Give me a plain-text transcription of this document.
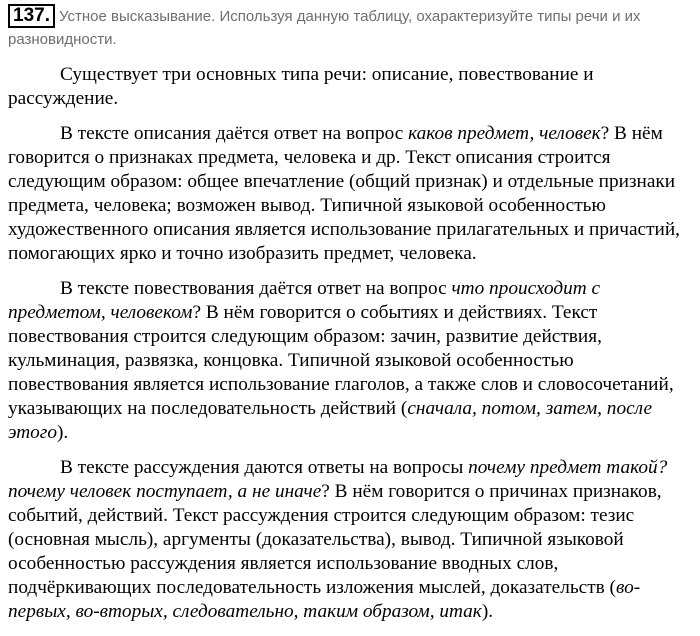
137. Устное высказывание. Используя данную таблицу, охарактеризуйте типы речи и их разновидности.

Существует три основных типа речи: описание, повествование и рассуждение.

В тексте описания даётся ответ на вопрос каков предмет, человек? В нём говорится о признаках предмета, человека и др. Текст описания строится следующим образом: общее впечатление (общий признак) и отдельные признаки предмета, человека; возможен вывод. Типичной языковой особенностью художественного описания является использование прилагательных и причастий, помогающих ярко и точно изобразить предмет, человека.

В тексте повествования даётся ответ на вопрос что происходит с предметом, человеком? В нём говорится о событиях и действиях. Текст повествования строится следующим образом: зачин, развитие действия, кульминация, развязка, концовка. Типичной языковой особенностью повествования является использование глаголов, а также слов и словосочетаний, указывающих на последовательность действий (сначала, потом, затем, после этого).

В тексте рассуждения даются ответы на вопросы почему предмет такой? почему человек поступает, а не иначе? В нём говорится о причинах признаков, событий, действий. Текст рассуждения строится следующим образом: тезис (основная мысль), аргументы (доказательства), вывод. Типичной языковой особенностью рассуждения является использование вводных слов, подчёркивающих последовательность изложения мыслей, доказательств (во-первых, во-вторых, следовательно, таким образом, итак).
